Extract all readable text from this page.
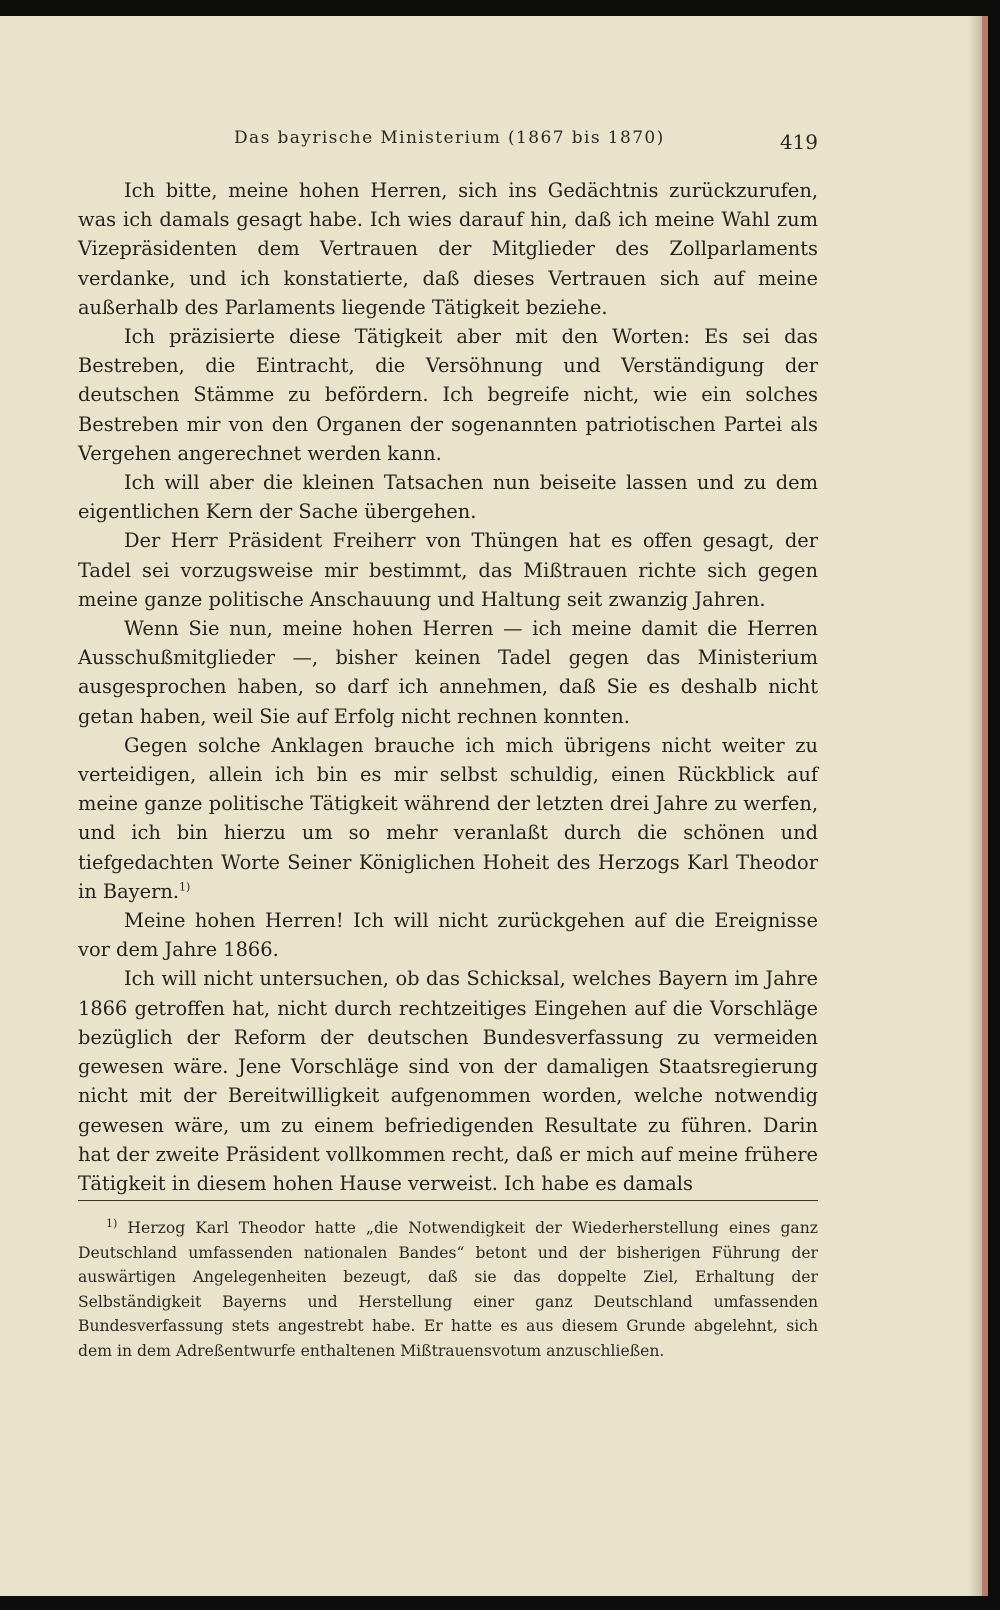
Das bayrische Ministerium (1867 bis 1870)	419

Ich bitte, meine hohen Herren, sich ins Gedächtnis zurückzurufen, was ich damals gesagt habe. Ich wies darauf hin, daß ich meine Wahl zum Vizepräsidenten dem Vertrauen der Mitglieder des Zollparlaments verdanke, und ich konstatierte, daß dieses Vertrauen sich auf meine außerhalb des Parlaments liegende Tätigkeit beziehe.

Ich präzisierte diese Tätigkeit aber mit den Worten: Es sei das Bestreben, die Eintracht, die Versöhnung und Verständigung der deutschen Stämme zu befördern. Ich begreife nicht, wie ein solches Bestreben mir von den Organen der sogenannten patriotischen Partei als Vergehen angerechnet werden kann.

Ich will aber die kleinen Tatsachen nun beiseite lassen und zu dem eigentlichen Kern der Sache übergehen.

Der Herr Präsident Freiherr von Thüngen hat es offen gesagt, der Tadel sei vorzugsweise mir bestimmt, das Mißtrauen richte sich gegen meine ganze politische Anschauung und Haltung seit zwanzig Jahren.

Wenn Sie nun, meine hohen Herren — ich meine damit die Herren Ausschußmitglieder —, bisher keinen Tadel gegen das Ministerium ausgesprochen haben, so darf ich annehmen, daß Sie es deshalb nicht getan haben, weil Sie auf Erfolg nicht rechnen konnten.

Gegen solche Anklagen brauche ich mich übrigens nicht weiter zu verteidigen, allein ich bin es mir selbst schuldig, einen Rückblick auf meine ganze politische Tätigkeit während der letzten drei Jahre zu werfen, und ich bin hierzu um so mehr veranlaßt durch die schönen und tiefgedachten Worte Seiner Königlichen Hoheit des Herzogs Karl Theodor in Bayern.$^{1)}$

Meine hohen Herren! Ich will nicht zurückgehen auf die Ereignisse vor dem Jahre 1866.

Ich will nicht untersuchen, ob das Schicksal, welches Bayern im Jahre 1866 getroffen hat, nicht durch rechtzeitiges Eingehen auf die Vorschläge bezüglich der Reform der deutschen Bundesverfassung zu vermeiden gewesen wäre. Jene Vorschläge sind von der damaligen Staatsregierung nicht mit der Bereitwilligkeit aufgenommen worden, welche notwendig gewesen wäre, um zu einem befriedigenden Resultate zu führen. Darin hat der zweite Präsident vollkommen recht, daß er mich auf meine frühere Tätigkeit in diesem hohen Hause verweist. Ich habe es damals

$^{1)}$ Herzog Karl Theodor hatte „die Notwendigkeit der Wiederherstellung eines ganz Deutschland umfassenden nationalen Bandes“ betont und der bisherigen Führung der auswärtigen Angelegenheiten bezeugt, daß sie das doppelte Ziel, Erhaltung der Selbständigkeit Bayerns und Herstellung einer ganz Deutschland umfassenden Bundesverfassung stets angestrebt habe. Er hatte es aus diesem Grunde abgelehnt, sich dem in dem Adreßentwurfe enthaltenen Mißtrauensvotum anzuschließen.
